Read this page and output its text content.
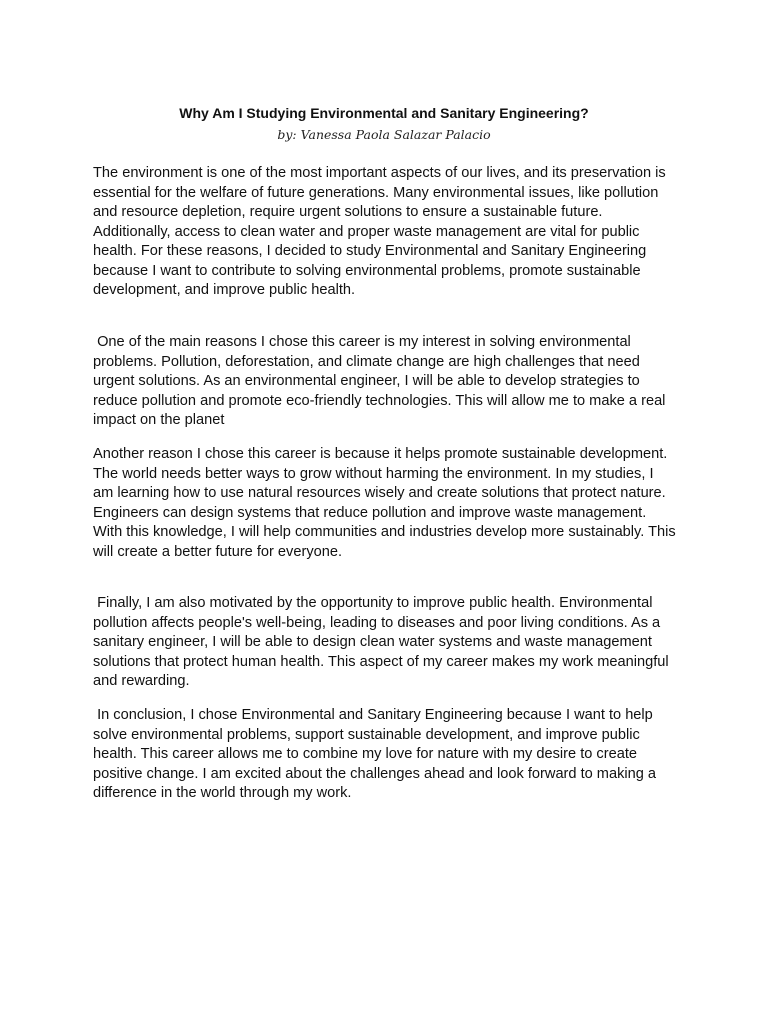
Why Am I Studying Environmental and Sanitary Engineering?
by: Vanessa Paola Salazar Palacio

The environment is one of the most important aspects of our lives, and its preservation is essential for the welfare of future generations. Many environmental issues, like pollution and resource depletion, require urgent solutions to ensure a sustainable future. Additionally, access to clean water and proper waste management are vital for public health. For these reasons, I decided to study Environmental and Sanitary Engineering because I want to contribute to solving environmental problems, promote sustainable development, and improve public health.

One of the main reasons I chose this career is my interest in solving environmental problems. Pollution, deforestation, and climate change are high challenges that need urgent solutions. As an environmental engineer, I will be able to develop strategies to reduce pollution and promote eco-friendly technologies. This will allow me to make a real impact on the planet

Another reason I chose this career is because it helps promote sustainable development. The world needs better ways to grow without harming the environment. In my studies, I am learning how to use natural resources wisely and create solutions that protect nature. Engineers can design systems that reduce pollution and improve waste management. With this knowledge, I will help communities and industries develop more sustainably. This will create a better future for everyone.

Finally, I am also motivated by the opportunity to improve public health. Environmental pollution affects people's well-being, leading to diseases and poor living conditions. As a sanitary engineer, I will be able to design clean water systems and waste management solutions that protect human health. This aspect of my career makes my work meaningful and rewarding.

In conclusion, I chose Environmental and Sanitary Engineering because I want to help solve environmental problems, support sustainable development, and improve public health. This career allows me to combine my love for nature with my desire to create positive change. I am excited about the challenges ahead and look forward to making a difference in the world through my work.
